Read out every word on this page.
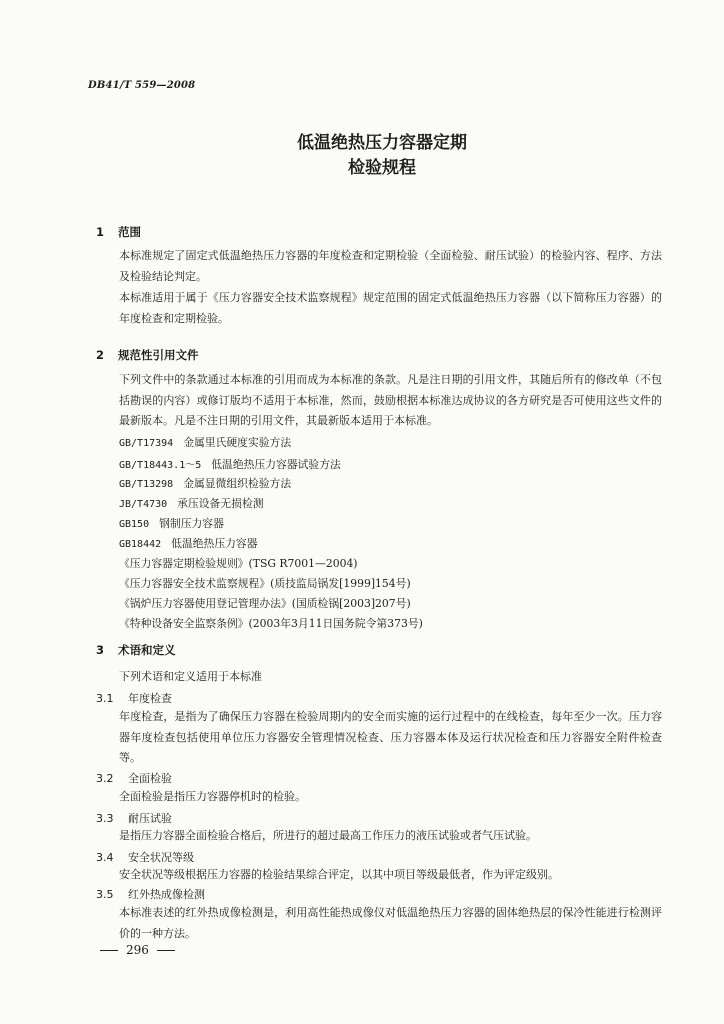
DB41/T 559—2008
低温绝热压力容器定期
检验规程
1 范围
本标准规定了固定式低温绝热压力容器的年度检查和定期检验（全面检验、耐压试验）的检验内容、程序、方法及检验结论判定。
本标准适用于属于《压力容器安全技术监察规程》规定范围的固定式低温绝热压力容器（以下简称压力容器）的年度检查和定期检验。
2 规范性引用文件
下列文件中的条款通过本标准的引用而成为本标准的条款。凡是注日期的引用文件，其随后所有的修改单（不包括勘误的内容）或修订版均不适用于本标准，然而，鼓励根据本标准达成协议的各方研究是否可使用这些文件的最新版本。凡是不注日期的引用文件，其最新版本适用于本标准。
GB/T17394 金属里氏硬度实验方法
GB/T18443.1～5 低温绝热压力容器试验方法
GB/T13298 金属显微组织检验方法
JB/T4730 承压设备无损检测
GB150 钢制压力容器
GB18442 低温绝热压力容器
《压力容器定期检验规则》(TSG R7001—2004)
《压力容器安全技术监察规程》(质技监局锅发[1999]154号)
《锅炉压力容器使用登记管理办法》(国质检锅[2003]207号)
《特种设备安全监察条例》(2003年3月11日国务院令第373号)
3 术语和定义
下列术语和定义适用于本标准
3.1 年度检查
年度检查，是指为了确保压力容器在检验周期内的安全而实施的运行过程中的在线检查，每年至少一次。压力容器年度检查包括使用单位压力容器安全管理情况检查、压力容器本体及运行状况检查和压力容器安全附件检查等。
3.2 全面检验
全面检验是指压力容器停机时的检验。
3.3 耐压试验
是指压力容器全面检验合格后，所进行的超过最高工作压力的液压试验或者气压试验。
3.4 安全状况等级
安全状况等级根据压力容器的检验结果综合评定，以其中项目等级最低者，作为评定级别。
3.5 红外热成像检测
本标准表述的红外热成像检测是，利用高性能热成像仪对低温绝热压力容器的固体绝热层的保冷性能进行检测评价的一种方法。
296
